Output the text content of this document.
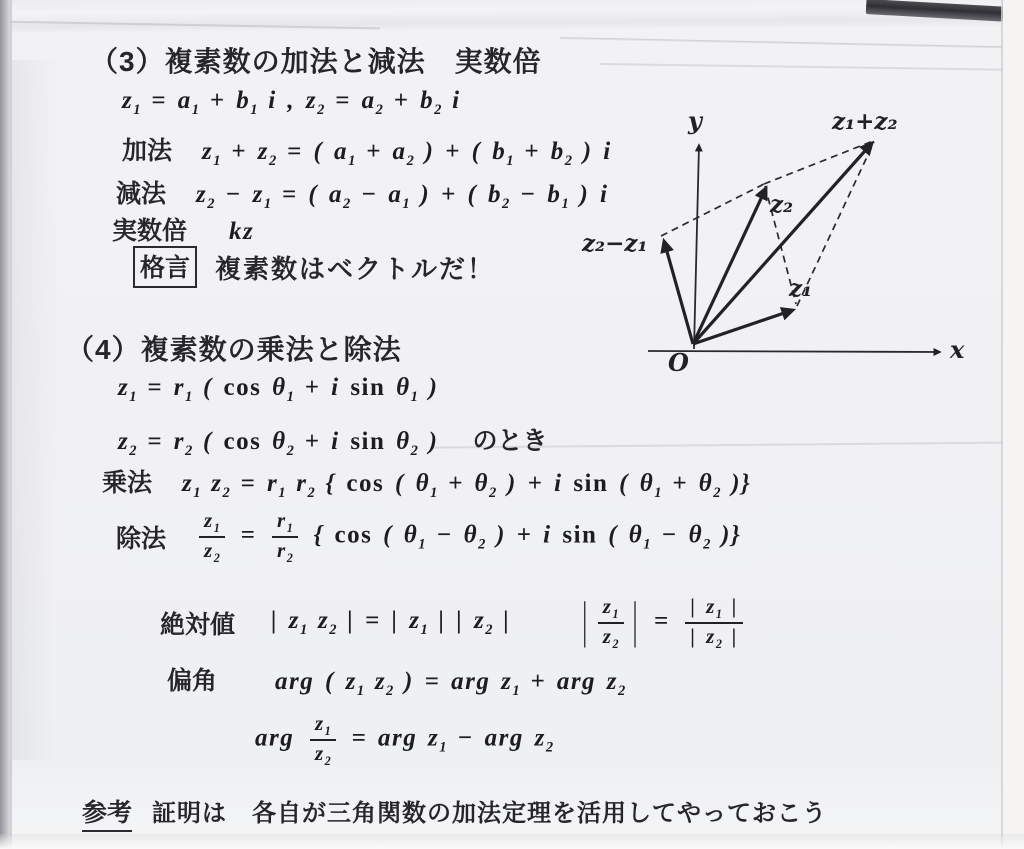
（3）複素数の加法と減法　実数倍
$z_1 = a_1 + b_1$ i , $z_2 = a_2 + b_2$ i
加法 $z_1 + z_2$ = ( $a_1 + a_2$ ) + ( $b_1 + b_2$ ) i
減法 $z_2 - z_1$ = ( $a_2 - a_1$ ) + ( $b_2 - b_1$ ) i
実数倍 kz
格言 複素数はベクトルだ！
y
x
O
z₁+z₂
z₂
z₁
z₂−z₁
（4）複素数の乗法と除法
$z_1 = r_1$ ( $\cos \theta_1 + i$ $\sin \theta_1$ )
$z_2 = r_2$ ( $\cos \theta_2 + i$ $\sin \theta_2$ ) のとき
乗法 $z_1$ $z_2 = r_1$ $r_2$ { cos ( $\theta_1 + \theta_2$ ) + i sin ( $\theta_1 + \theta_2$ )}
除法 $\frac{z_1}{z_2} = \frac{r_1}{r_2}$ { cos ( $\theta_1 - \theta_2$ ) + i sin ( $\theta_1 - \theta_2$ )}
絶対値 | $z_1$ $z_2$ | = | $z_1$ | | $z_2$ |	| $\frac{z_1}{z_2}$ | = $\frac{| z_1 |}{| z_2 |}$
偏角 arg ( $z_1$ $z_2$ ) = arg $z_1$ + arg $z_2$
arg $\frac{z_1}{z_2}$ = arg $z_1$ − arg $z_2$
参考 証明は　各自が三角関数の加法定理を活用してやっておこう
